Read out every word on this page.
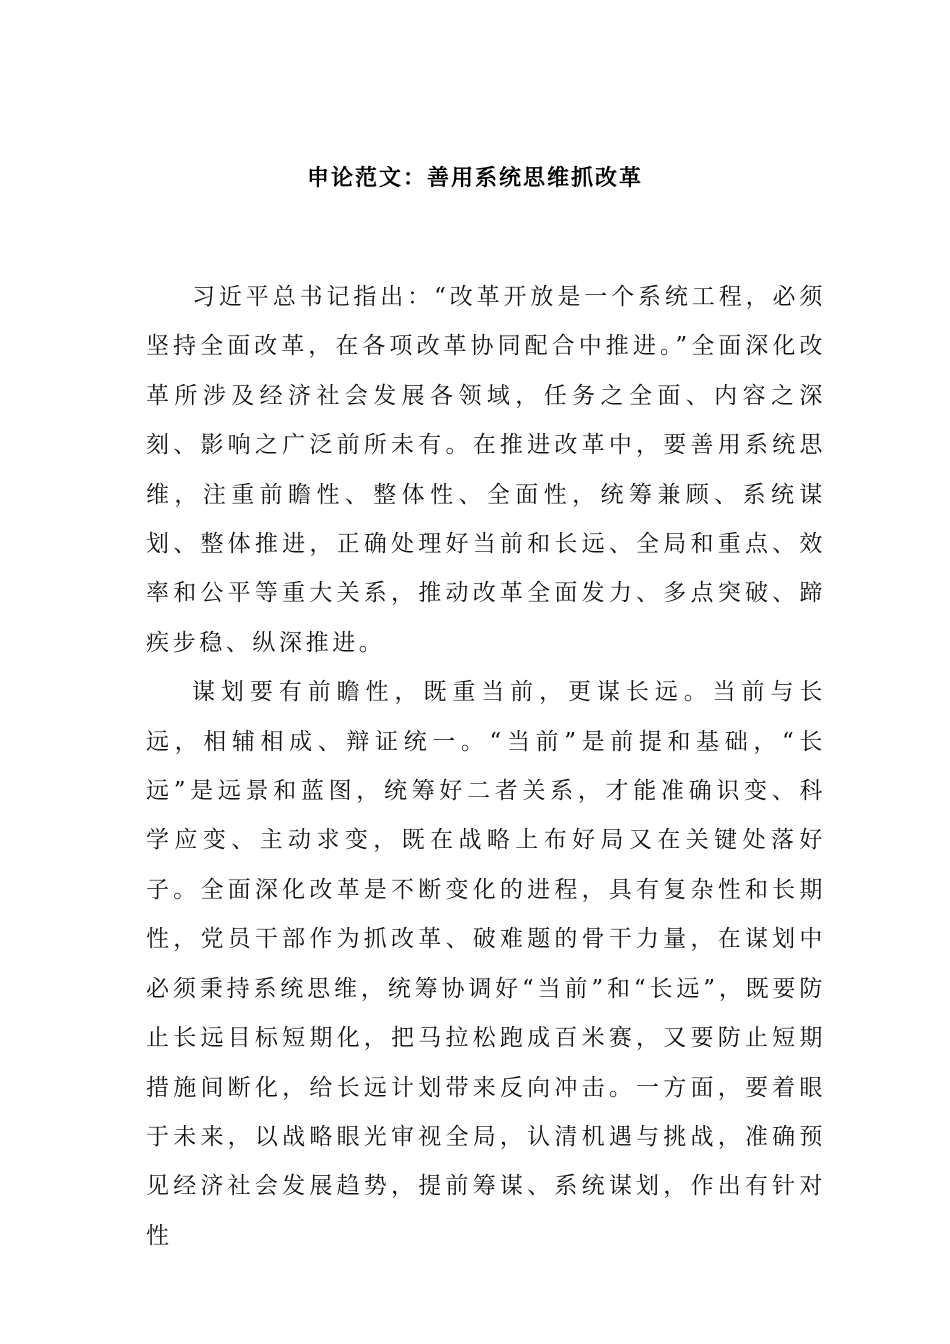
申论范文：善用系统思维抓改革

习近平总书记指出：“改革开放是一个系统工程，必须坚持全面改革，在各项改革协同配合中推进。”全面深化改革所涉及经济社会发展各领域，任务之全面、内容之深刻、影响之广泛前所未有。在推进改革中，要善用系统思维，注重前瞻性、整体性、全面性，统筹兼顾、系统谋划、整体推进，正确处理好当前和长远、全局和重点、效率和公平等重大关系，推动改革全面发力、多点突破、蹄疾步稳、纵深推进。

谋划要有前瞻性，既重当前，更谋长远。当前与长远，相辅相成、辩证统一。“当前”是前提和基础，“长远”是远景和蓝图，统筹好二者关系，才能准确识变、科学应变、主动求变，既在战略上布好局又在关键处落好子。全面深化改革是不断变化的进程，具有复杂性和长期性，党员干部作为抓改革、破难题的骨干力量，在谋划中必须秉持系统思维，统筹协调好“当前”和“长远”，既要防止长远目标短期化，把马拉松跑成百米赛，又要防止短期措施间断化，给长远计划带来反向冲击。一方面，要着眼于未来，以战略眼光审视全局，认清机遇与挑战，准确预见经济社会发展趋势，提前筹谋、系统谋划，作出有针对性
